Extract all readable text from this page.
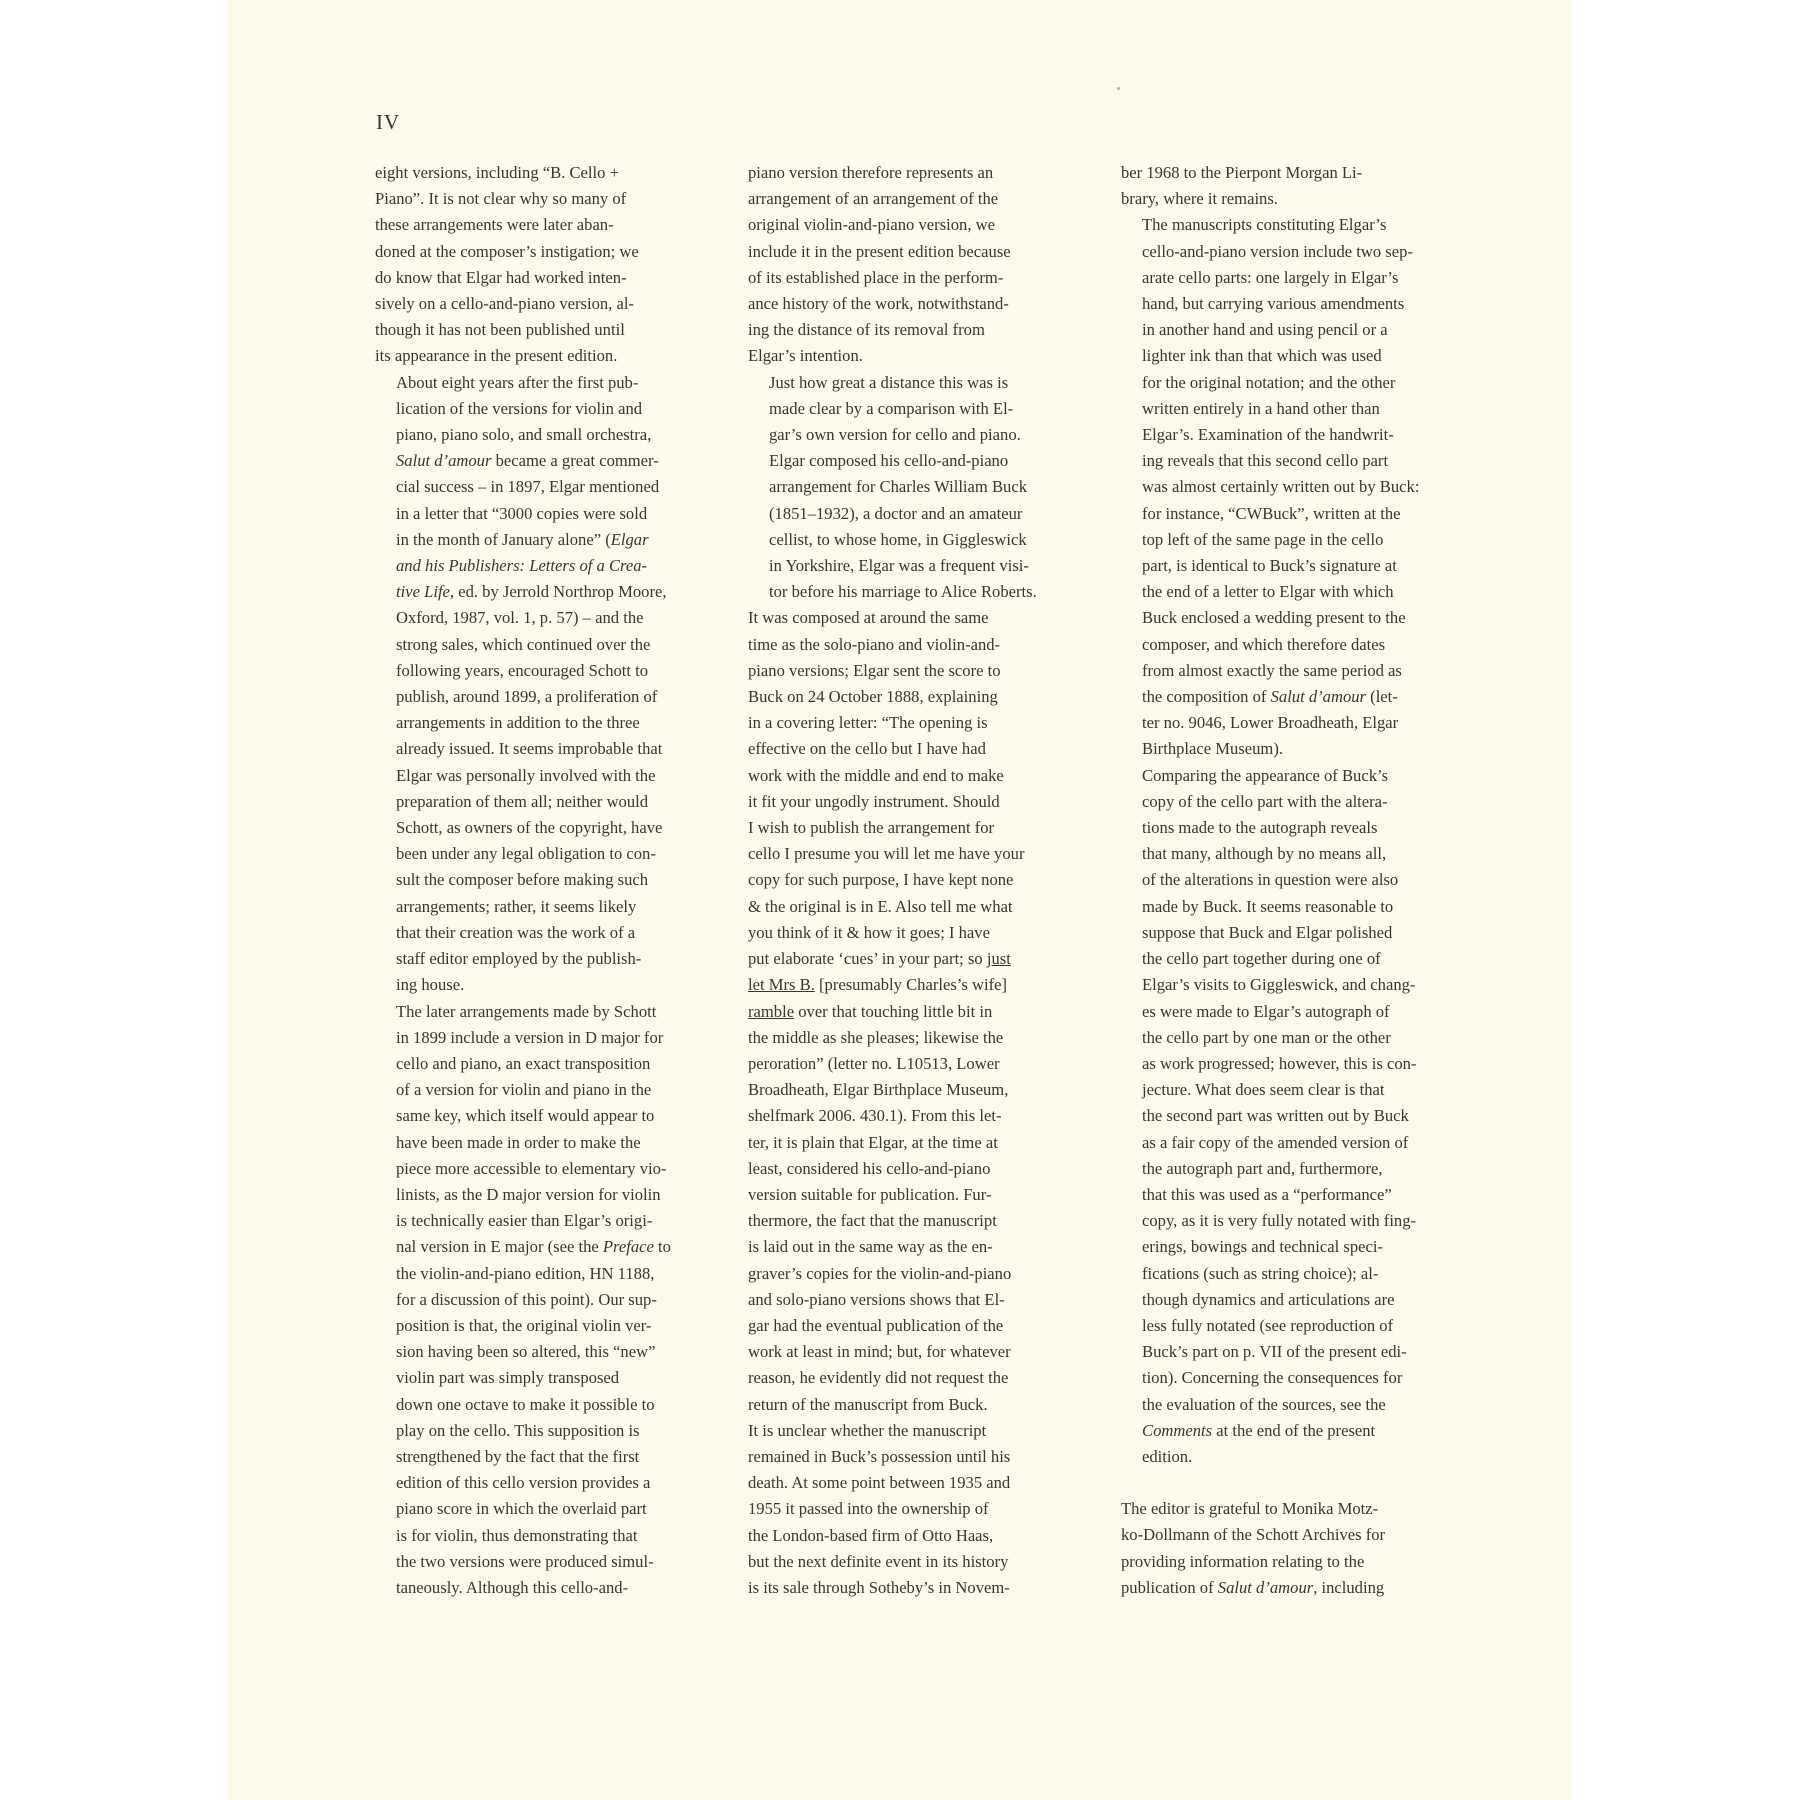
IV

eight versions, including “B. Cello +
Piano”. It is not clear why so many of
these arrangements were later aban-
doned at the composer’s instigation; we
do know that Elgar had worked inten-
sively on a cello-and-piano version, al-
though it has not been published until
its appearance in the present edition.

About eight years after the first pub-
lication of the versions for violin and
piano, piano solo, and small orchestra,
Salut d’amour became a great commer-
cial success – in 1897, Elgar mentioned
in a letter that “3000 copies were sold
in the month of January alone” (Elgar
and his Publishers: Letters of a Crea-
tive Life, ed. by Jerrold Northrop Moore,
Oxford, 1987, vol. 1, p. 57) – and the
strong sales, which continued over the
following years, encouraged Schott to
publish, around 1899, a proliferation of
arrangements in addition to the three
already issued. It seems improbable that
Elgar was personally involved with the
preparation of them all; neither would
Schott, as owners of the copyright, have
been under any legal obligation to con-
sult the composer before making such
arrangements; rather, it seems likely
that their creation was the work of a
staff editor employed by the publish-
ing house.

The later arrangements made by Schott
in 1899 include a version in D major for
cello and piano, an exact transposition
of a version for violin and piano in the
same key, which itself would appear to
have been made in order to make the
piece more accessible to elementary vio-
linists, as the D major version for violin
is technically easier than Elgar’s origi-
nal version in E major (see the Preface to
the violin-and-piano edition, HN 1188,
for a discussion of this point). Our sup-
position is that, the original violin ver-
sion having been so altered, this “new”
violin part was simply transposed
down one octave to make it possible to
play on the cello. This supposition is
strengthened by the fact that the first
edition of this cello version provides a
piano score in which the overlaid part
is for violin, thus demonstrating that
the two versions were produced simul-
taneously. Although this cello-and-

piano version therefore represents an
arrangement of an arrangement of the
original violin-and-piano version, we
include it in the present edition because
of its established place in the perform-
ance history of the work, notwithstand-
ing the distance of its removal from
Elgar’s intention.

Just how great a distance this was is
made clear by a comparison with El-
gar’s own version for cello and piano.
Elgar composed his cello-and-piano
arrangement for Charles William Buck
(1851–1932), a doctor and an amateur
cellist, to whose home, in Giggleswick
in Yorkshire, Elgar was a frequent visi-
tor before his marriage to Alice Roberts.

It was composed at around the same
time as the solo-piano and violin-and-
piano versions; Elgar sent the score to
Buck on 24 October 1888, explaining
in a covering letter: “The opening is
effective on the cello but I have had
work with the middle and end to make
it fit your ungodly instrument. Should
I wish to publish the arrangement for
cello I presume you will let me have your
copy for such purpose, I have kept none
& the original is in E. Also tell me what
you think of it & how it goes; I have
put elaborate ‘cues’ in your part; so just
let Mrs B. [presumably Charles’s wife]
ramble over that touching little bit in
the middle as she pleases; likewise the
peroration” (letter no. L10513, Lower
Broadheath, Elgar Birthplace Museum,
shelfmark 2006. 430.1). From this let-
ter, it is plain that Elgar, at the time at
least, considered his cello-and-piano
version suitable for publication. Fur-
thermore, the fact that the manuscript
is laid out in the same way as the en-
graver’s copies for the violin-and-piano
and solo-piano versions shows that El-
gar had the eventual publication of the
work at least in mind; but, for whatever
reason, he evidently did not request the
return of the manuscript from Buck.

It is unclear whether the manuscript
remained in Buck’s possession until his
death. At some point between 1935 and
1955 it passed into the ownership of
the London-based firm of Otto Haas,
but the next definite event in its history
is its sale through Sotheby’s in Novem-

ber 1968 to the Pierpont Morgan Li-
brary, where it remains.

The manuscripts constituting Elgar’s
cello-and-piano version include two sep-
arate cello parts: one largely in Elgar’s
hand, but carrying various amendments
in another hand and using pencil or a
lighter ink than that which was used
for the original notation; and the other
written entirely in a hand other than
Elgar’s. Examination of the handwrit-
ing reveals that this second cello part
was almost certainly written out by Buck:
for instance, “CWBuck”, written at the
top left of the same page in the cello
part, is identical to Buck’s signature at
the end of a letter to Elgar with which
Buck enclosed a wedding present to the
composer, and which therefore dates
from almost exactly the same period as
the composition of Salut d’amour (let-
ter no. 9046, Lower Broadheath, Elgar
Birthplace Museum).

Comparing the appearance of Buck’s
copy of the cello part with the altera-
tions made to the autograph reveals
that many, although by no means all,
of the alterations in question were also
made by Buck. It seems reasonable to
suppose that Buck and Elgar polished
the cello part together during one of
Elgar’s visits to Giggleswick, and chang-
es were made to Elgar’s autograph of
the cello part by one man or the other
as work progressed; however, this is con-
jecture. What does seem clear is that
the second part was written out by Buck
as a fair copy of the amended version of
the autograph part and, furthermore,
that this was used as a “performance”
copy, as it is very fully notated with fing-
erings, bowings and technical speci-
fications (such as string choice); al-
though dynamics and articulations are
less fully notated (see reproduction of
Buck’s part on p. VII of the present edi-
tion). Concerning the consequences for
the evaluation of the sources, see the
Comments at the end of the present
edition.

The editor is grateful to Monika Motz-
ko-Dollmann of the Schott Archives for
providing information relating to the
publication of Salut d’amour, including
